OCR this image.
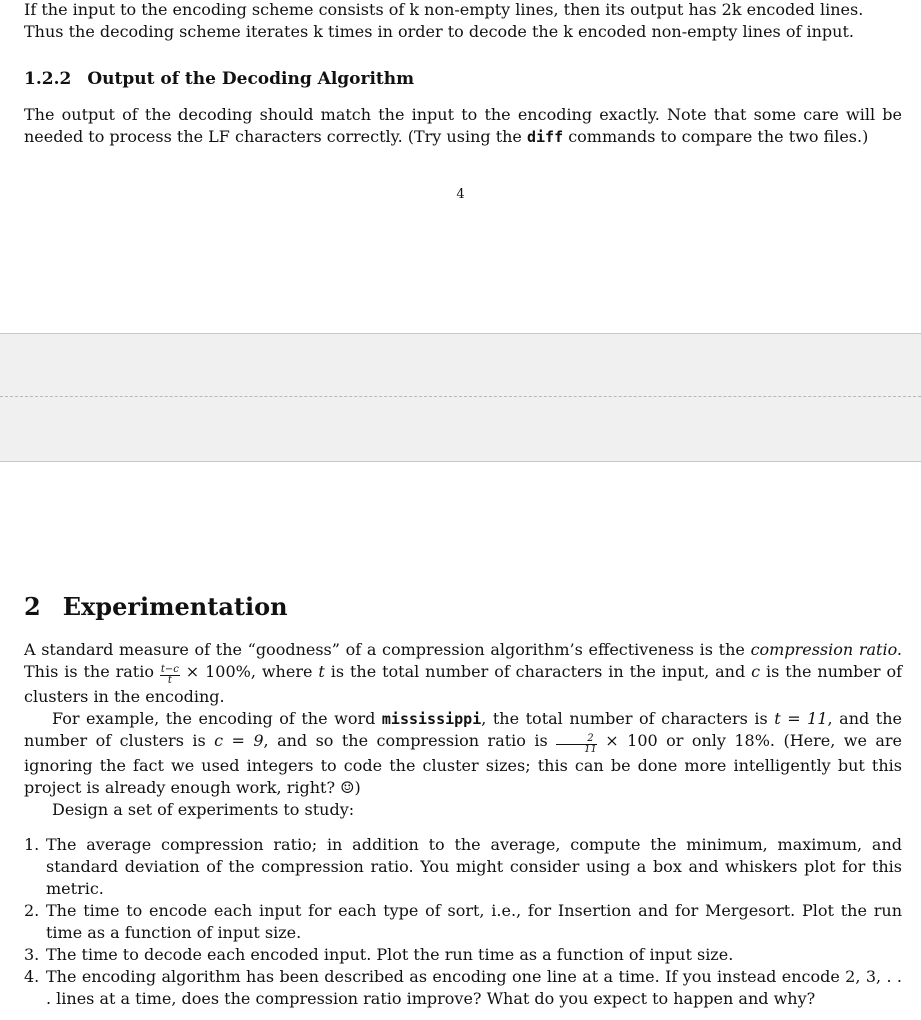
If the input to the encoding scheme consists of k non-empty lines, then its output has 2k encoded lines.

Thus the decoding scheme iterates k times in order to decode the k encoded non-empty lines of input.

1.2.2 Output of the Decoding Algorithm

The output of the decoding should match the input to the encoding exactly. Note that some care will be needed to process the LF characters correctly. (Try using the diff commands to compare the two files.)

4
2 Experimentation

A standard measure of the “goodness” of a compression algorithm’s effectiveness is the compression ratio. This is the ratio $\frac{t-c}{t} \times 100\%$, where t is the total number of characters in the input, and c is the number of clusters in the encoding.

For example, the encoding of the word mississippi, the total number of characters is t = 11, and the number of clusters is c = 9, and so the compression ratio is $\frac{2}{11} \times 100$ or only 18%. (Here, we are ignoring the fact we used integers to code the cluster sizes; this can be done more intelligently but this project is already enough work, right? ☺)

Design a set of experiments to study:

1. The average compression ratio; in addition to the average, compute the minimum, maximum, and standard deviation of the compression ratio. You might consider using a box and whiskers plot for this metric.
2. The time to encode each input for each type of sort, i.e., for Insertion and for Mergesort. Plot the run time as a function of input size.
3. The time to decode each encoded input. Plot the run time as a function of input size.
4. The encoding algorithm has been described as encoding one line at a time. If you instead encode 2, 3, . . . lines at a time, does the compression ratio improve? What do you expect to happen and why?
